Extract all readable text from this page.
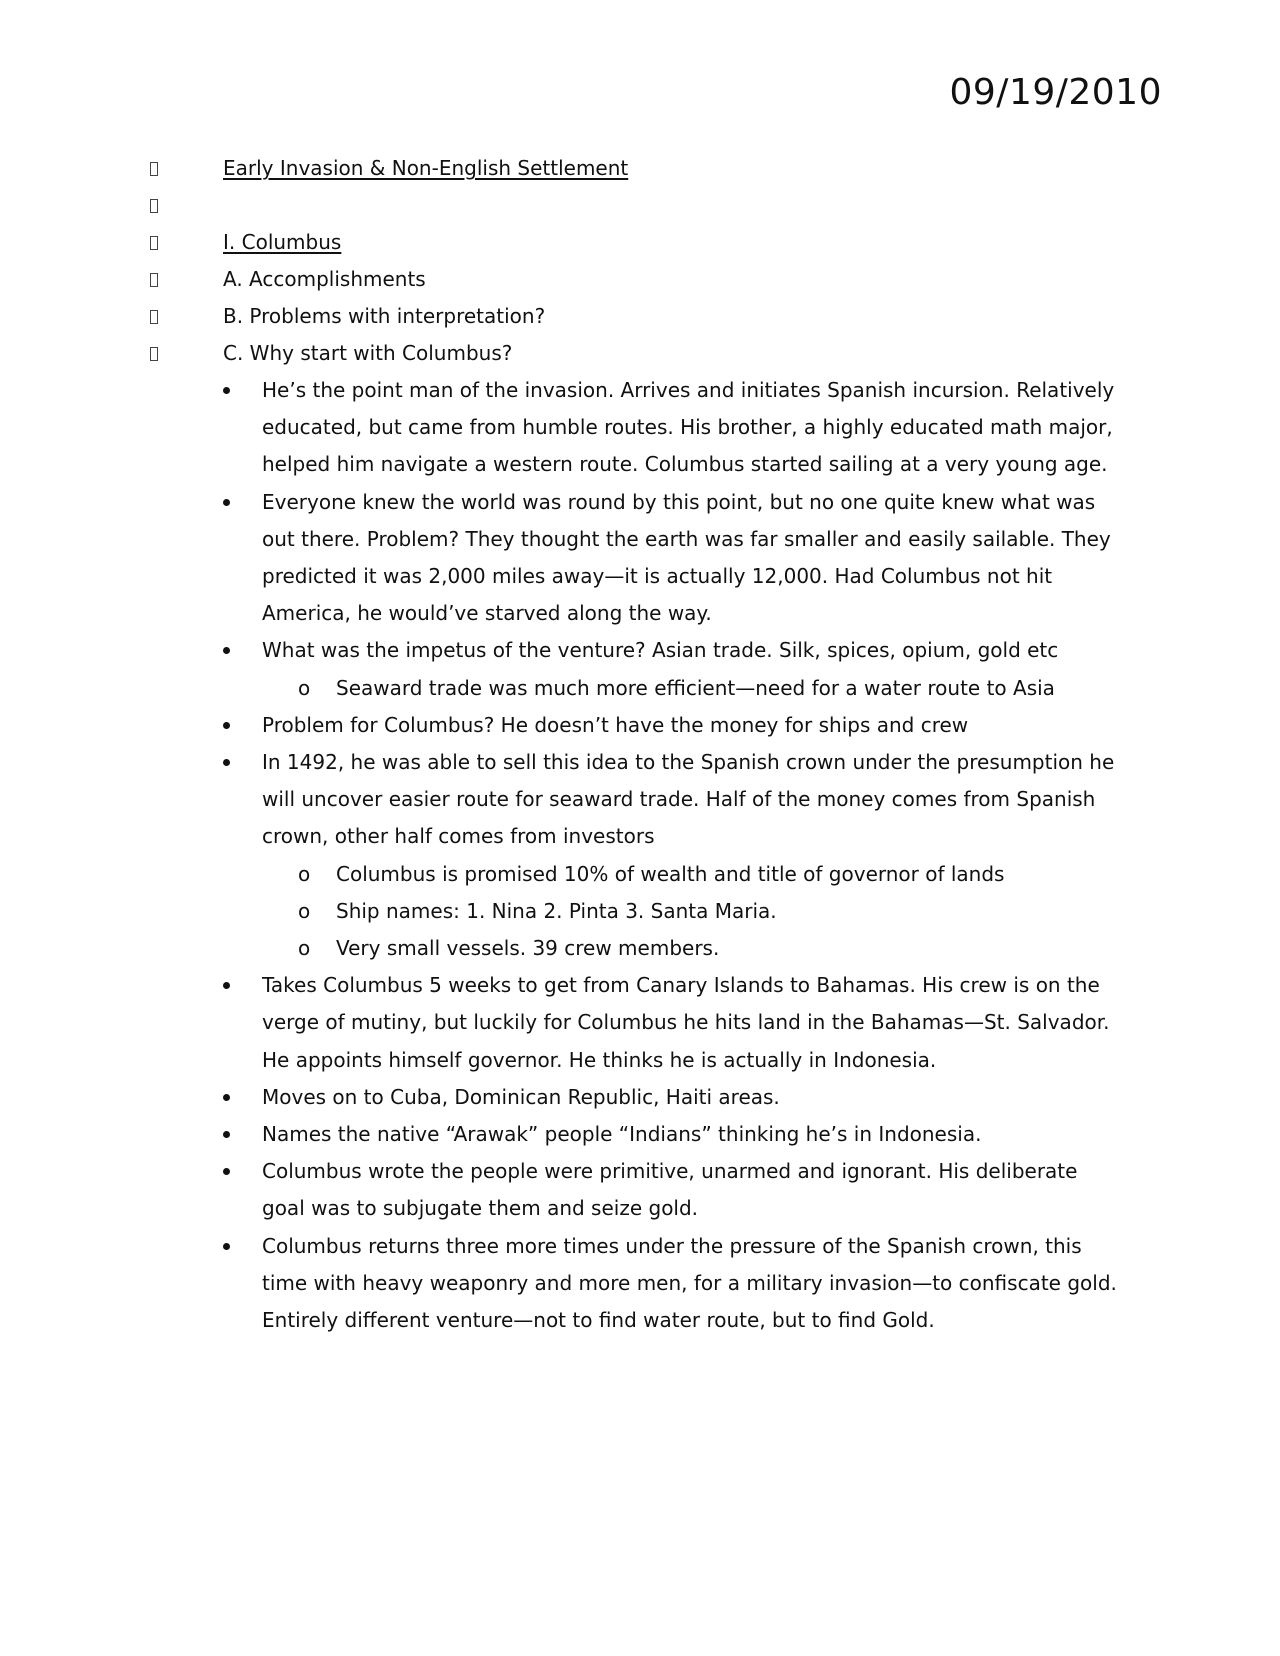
09/19/2010
Early Invasion & Non-English Settlement
I. Columbus
A. Accomplishments
B. Problems with interpretation?
C. Why start with Columbus?
He’s the point man of the invasion. Arrives and initiates Spanish incursion. Relatively educated, but came from humble routes. His brother, a highly educated math major, helped him navigate a western route. Columbus started sailing at a very young age.
Everyone knew the world was round by this point, but no one quite knew what was out there. Problem? They thought the earth was far smaller and easily sailable. They predicted it was 2,000 miles away—it is actually 12,000. Had Columbus not hit America, he would’ve starved along the way.
What was the impetus of the venture? Asian trade. Silk, spices, opium, gold etc
o Seaward trade was much more efficient—need for a water route to Asia
Problem for Columbus? He doesn’t have the money for ships and crew
In 1492, he was able to sell this idea to the Spanish crown under the presumption he will uncover easier route for seaward trade. Half of the money comes from Spanish crown, other half comes from investors
o Columbus is promised 10% of wealth and title of governor of lands
o Ship names: 1. Nina 2. Pinta 3. Santa Maria.
o Very small vessels. 39 crew members.
Takes Columbus 5 weeks to get from Canary Islands to Bahamas. His crew is on the verge of mutiny, but luckily for Columbus he hits land in the Bahamas—St. Salvador. He appoints himself governor. He thinks he is actually in Indonesia.
Moves on to Cuba, Dominican Republic, Haiti areas.
Names the native “Arawak” people “Indians” thinking he’s in Indonesia.
Columbus wrote the people were primitive, unarmed and ignorant. His deliberate goal was to subjugate them and seize gold.
Columbus returns three more times under the pressure of the Spanish crown, this time with heavy weaponry and more men, for a military invasion—to confiscate gold. Entirely different venture—not to find water route, but to find Gold.
